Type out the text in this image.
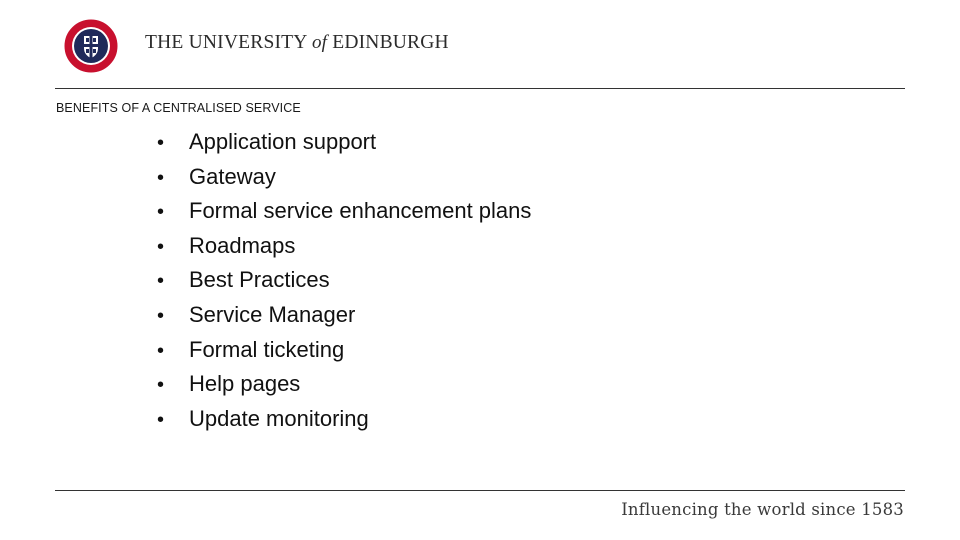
THE UNIVERSITY of EDINBURGH
BENEFITS OF A CENTRALISED SERVICE
• Application support
• Gateway
• Formal service enhancement plans
• Roadmaps
• Best Practices
• Service Manager
• Formal ticketing
• Help pages
• Update monitoring
Influencing the world since 1583
